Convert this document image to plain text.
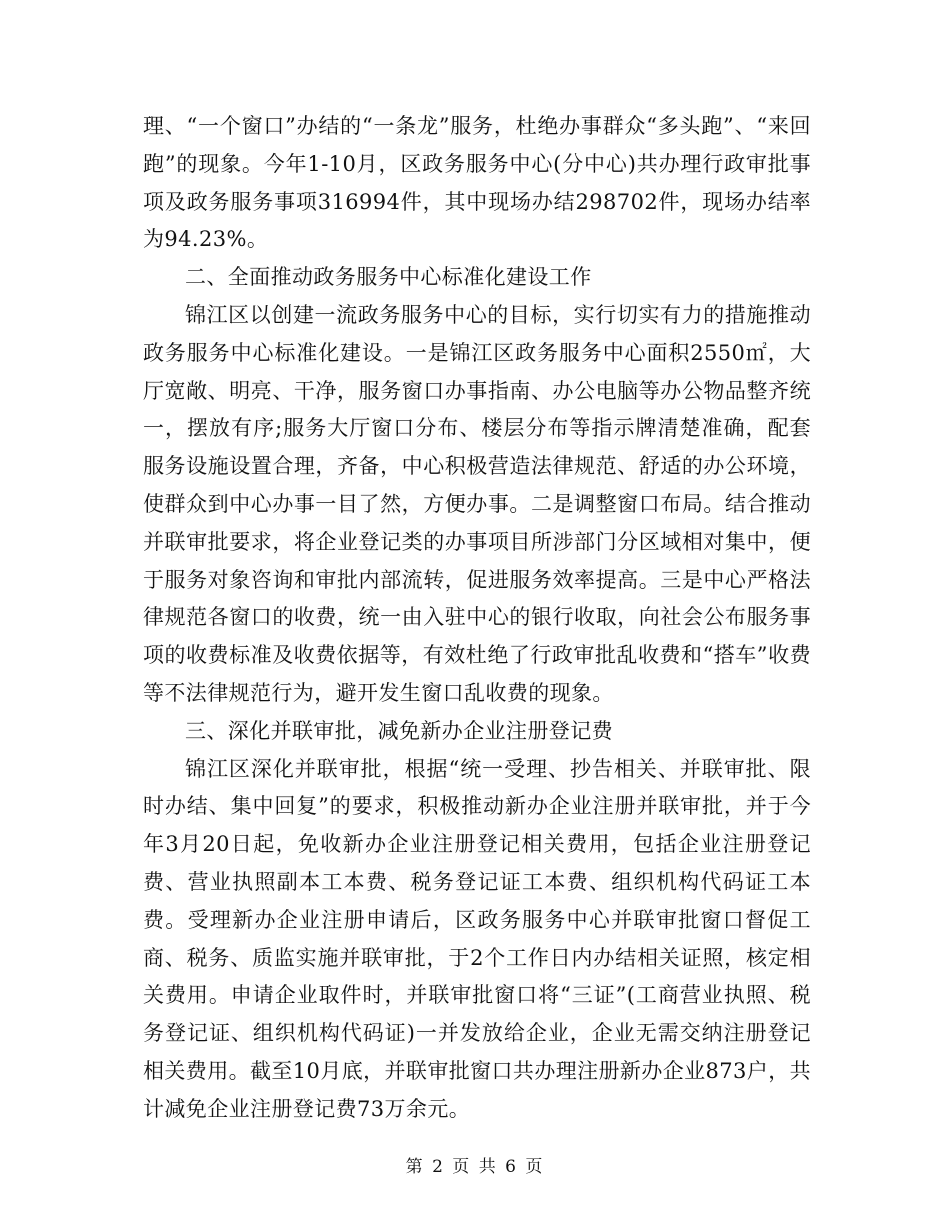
理、“一个窗口”办结的“一条龙”服务，杜绝办事群众“多头跑”、“来回跑”的现象。今年1-10月，区政务服务中心(分中心)共办理行政审批事项及政务服务事项316994件，其中现场办结298702件，现场办结率为94.23%。

二、全面推动政务服务中心标准化建设工作

锦江区以创建一流政务服务中心的目标，实行切实有力的措施推动政务服务中心标准化建设。一是锦江区政务服务中心面积2550㎡，大厅宽敞、明亮、干净，服务窗口办事指南、办公电脑等办公物品整齐统一，摆放有序;服务大厅窗口分布、楼层分布等指示牌清楚准确，配套服务设施设置合理，齐备，中心积极营造法律规范、舒适的办公环境，使群众到中心办事一目了然，方便办事。二是调整窗口布局。结合推动并联审批要求，将企业登记类的办事项目所涉部门分区域相对集中，便于服务对象咨询和审批内部流转，促进服务效率提高。三是中心严格法律规范各窗口的收费，统一由入驻中心的银行收取，向社会公布服务事项的收费标准及收费依据等，有效杜绝了行政审批乱收费和“搭车”收费等不法律规范行为，避开发生窗口乱收费的现象。

三、深化并联审批，减免新办企业注册登记费

锦江区深化并联审批，根据“统一受理、抄告相关、并联审批、限时办结、集中回复”的要求，积极推动新办企业注册并联审批，并于今年3月20日起，免收新办企业注册登记相关费用，包括企业注册登记费、营业执照副本工本费、税务登记证工本费、组织机构代码证工本费。受理新办企业注册申请后，区政务服务中心并联审批窗口督促工商、税务、质监实施并联审批，于2个工作日内办结相关证照，核定相关费用。申请企业取件时，并联审批窗口将“三证”(工商营业执照、税务登记证、组织机构代码证)一并发放给企业，企业无需交纳注册登记相关费用。截至10月底，并联审批窗口共办理注册新办企业873户，共计减免企业注册登记费73万余元。

第 2 页 共 6 页
